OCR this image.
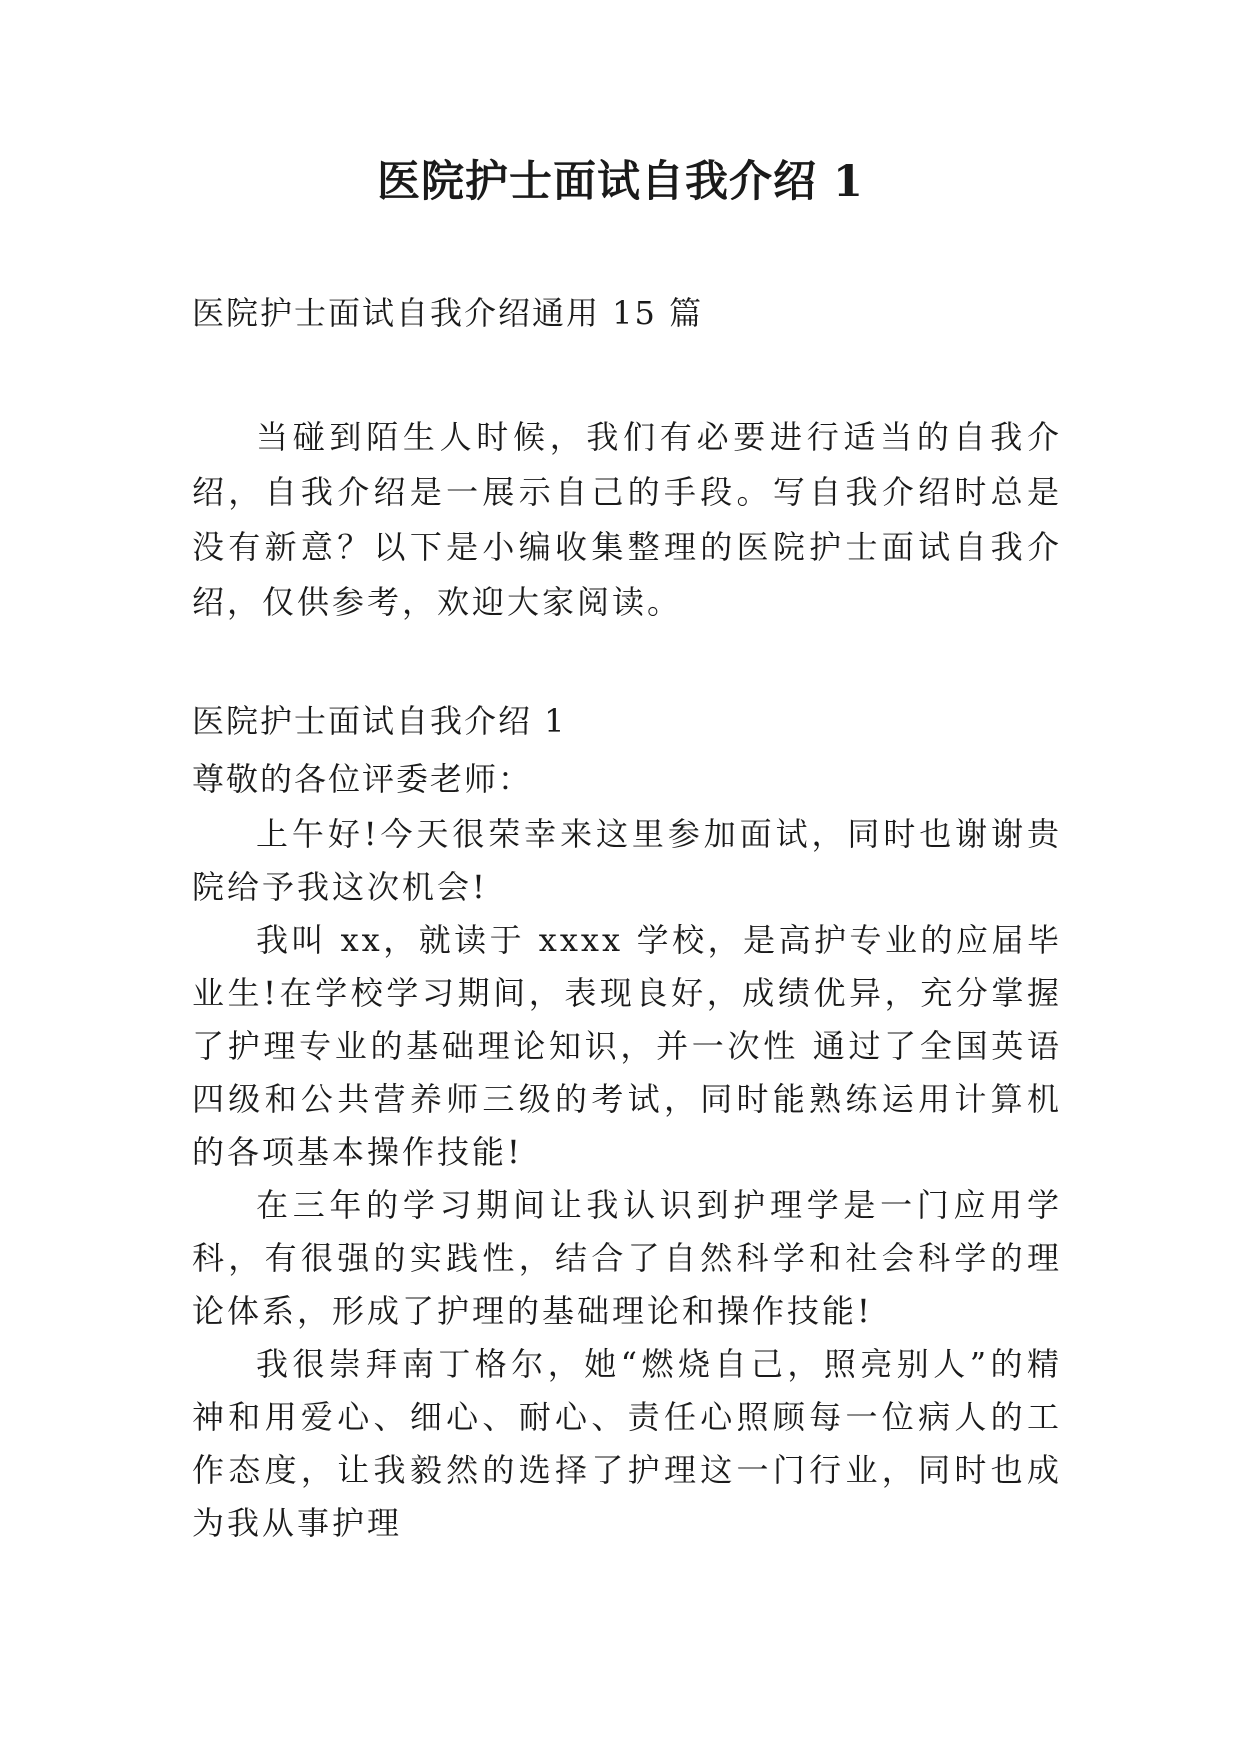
医院护士面试自我介绍 1

医院护士面试自我介绍通用 15 篇

当碰到陌生人时候，我们有必要进行适当的自我介绍，自我介绍是一展示自己的手段。写自我介绍时总是没有新意？以下是小编收集整理的医院护士面试自我介绍，仅供参考，欢迎大家阅读。

医院护士面试自我介绍 1

尊敬的各位评委老师：

上午好!今天很荣幸来这里参加面试，同时也谢谢贵院给予我这次机会!

我叫 xx，就读于 xxxx 学校，是高护专业的应届毕业生!在学校学习期间，表现良好，成绩优异，充分掌握了护理专业的基础理论知识，并一次性 通过了全国英语四级和公共营养师三级的考试，同时能熟练运用计算机的各项基本操作技能!

在三年的学习期间让我认识到护理学是一门应用学科，有很强的实践性，结合了自然科学和社会科学的理论体系，形成了护理的基础理论和操作技能!

我很崇拜南丁格尔，她“燃烧自己，照亮别人”的精神和用爱心、细心、耐心、责任心照顾每一位病人的工作态度，让我毅然的选择了护理这一门行业，同时也成为我从事护理
